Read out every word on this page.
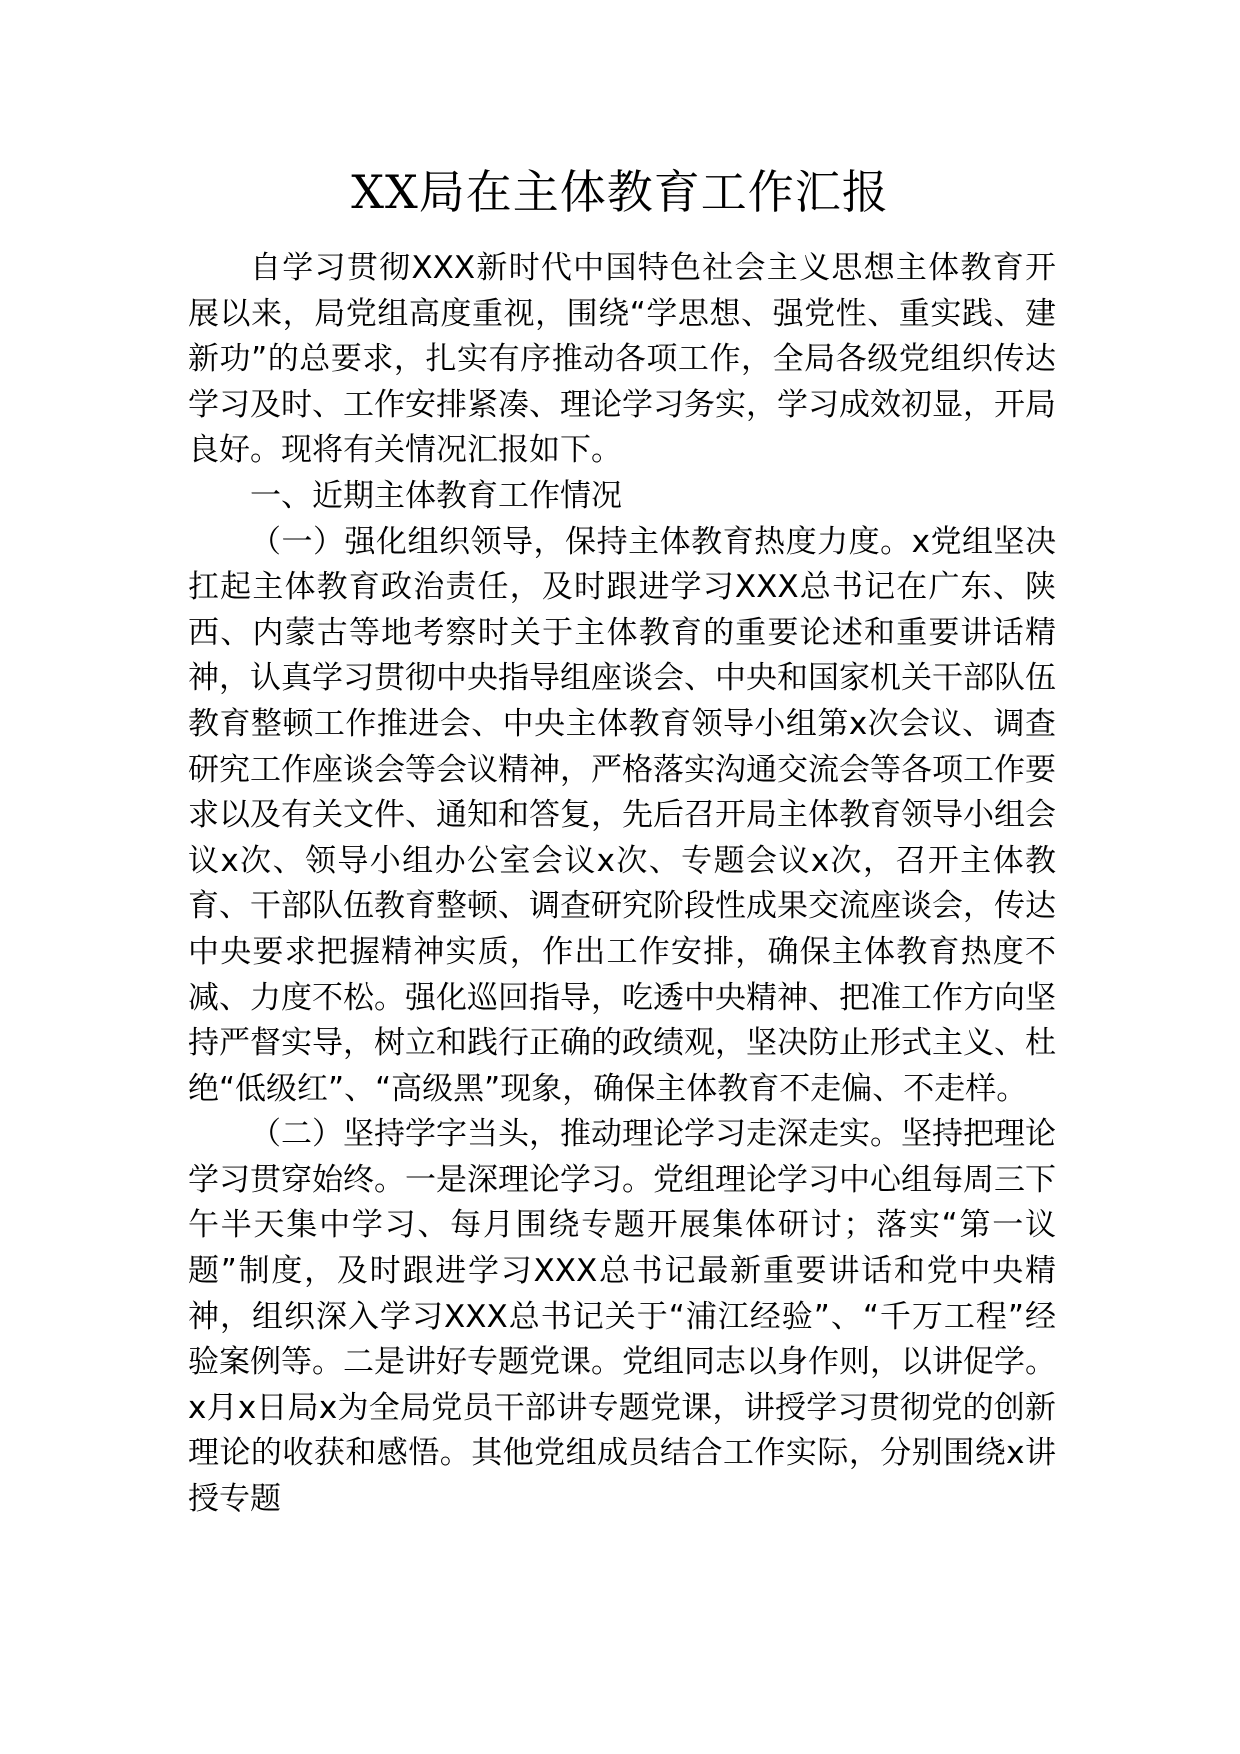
XX局在主体教育工作汇报

自学习贯彻XXX新时代中国特色社会主义思想主体教育开展以来，局党组高度重视，围绕“学思想、强党性、重实践、建新功”的总要求，扎实有序推动各项工作，全局各级党组织传达学习及时、工作安排紧凑、理论学习务实，学习成效初显，开局良好。现将有关情况汇报如下。

一、近期主体教育工作情况

（一）强化组织领导，保持主体教育热度力度。x党组坚决扛起主体教育政治责任，及时跟进学习XXX总书记在广东、陕西、内蒙古等地考察时关于主体教育的重要论述和重要讲话精神，认真学习贯彻中央指导组座谈会、中央和国家机关干部队伍教育整顿工作推进会、中央主体教育领导小组第x次会议、调查研究工作座谈会等会议精神，严格落实沟通交流会等各项工作要求以及有关文件、通知和答复，先后召开局主体教育领导小组会议x次、领导小组办公室会议x次、专题会议x次，召开主体教育、干部队伍教育整顿、调查研究阶段性成果交流座谈会，传达中央要求把握精神实质，作出工作安排，确保主体教育热度不减、力度不松。强化巡回指导，吃透中央精神、把准工作方向坚持严督实导，树立和践行正确的政绩观，坚决防止形式主义、杜绝“低级红”、“高级黑”现象，确保主体教育不走偏、不走样。

（二）坚持学字当头，推动理论学习走深走实。坚持把理论学习贯穿始终。一是深理论学习。党组理论学习中心组每周三下午半天集中学习、每月围绕专题开展集体研讨；落实“第一议题”制度，及时跟进学习XXX总书记最新重要讲话和党中央精神，组织深入学习XXX总书记关于“浦江经验”、“千万工程”经验案例等。二是讲好专题党课。党组同志以身作则，以讲促学。x月x日局x为全局党员干部讲专题党课，讲授学习贯彻党的创新理论的收获和感悟。其他党组成员结合工作实际，分别围绕x讲授专题
